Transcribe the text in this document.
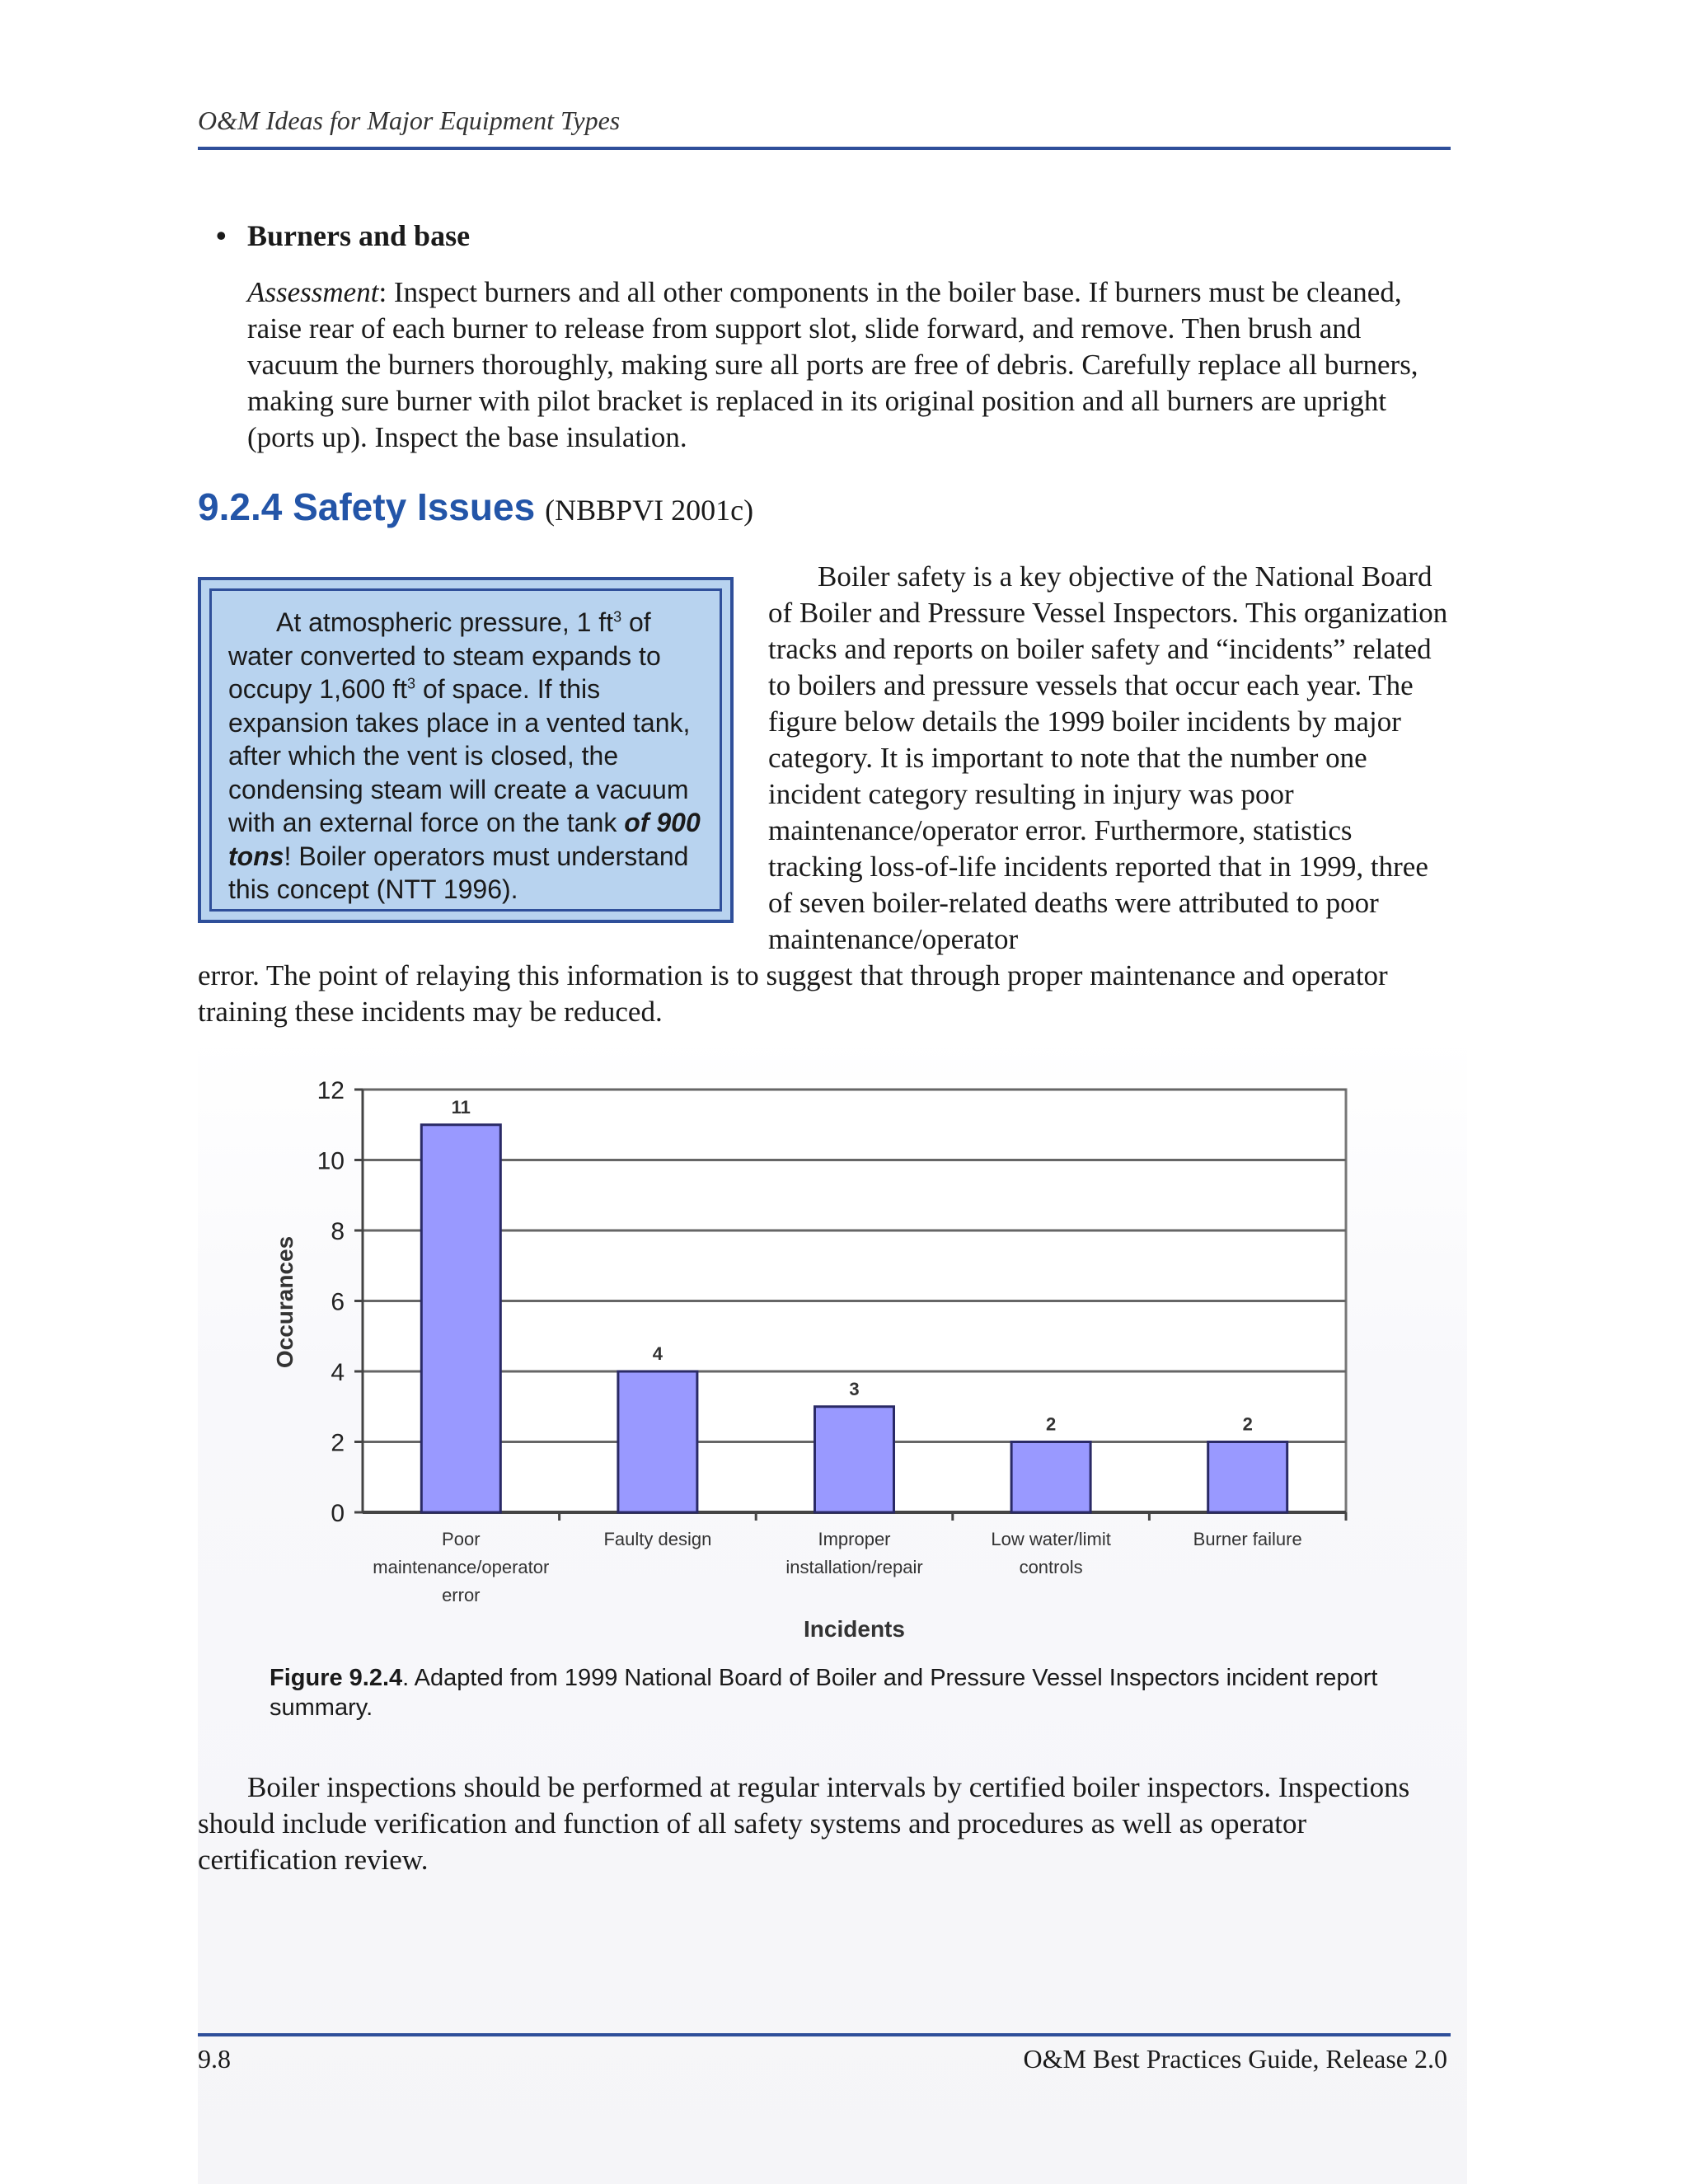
O&M Ideas for Major Equipment Types
• Burners and base
Assessment: Inspect burners and all other components in the boiler base. If burners must be cleaned, raise rear of each burner to release from support slot, slide forward, and remove. Then brush and vacuum the burners thoroughly, making sure all ports are free of debris. Carefully replace all burners, making sure burner with pilot bracket is replaced in its original position and all burners are upright (ports up). Inspect the base insulation.
9.2.4 Safety Issues (NBBPVI 2001c)
At atmospheric pressure, 1 $ft^3$ of water converted to steam expands to occupy 1,600 $ft^3$ of space. If this expansion takes place in a vented tank, after which the vent is closed, the condensing steam will create a vacuum with an external force on the tank of 900 tons! Boiler operators must understand this concept (NTT 1996).
Boiler safety is a key objective of the National Board of Boiler and Pressure Vessel Inspectors. This organization tracks and reports on boiler safety and “incidents” related to boilers and pressure vessels that occur each year. The figure below details the 1999 boiler incidents by major category. It is important to note that the number one incident category resulting in injury was poor maintenance/operator error. Furthermore, statistics tracking loss-of-life incidents reported that in 1999, three of seven boiler-related deaths were attributed to poor maintenance/operator
error. The point of relaying this information is to suggest that through proper maintenance and operator training these incidents may be reduced.
0
2
4
6
8
10
12
11
Poor
maintenance/operator
error
4
Faulty design
3
Improper
installation/repair
2
Low water/limit
controls
2
Burner failure
Incidents
Occurances
Figure 9.2.4. Adapted from 1999 National Board of Boiler and Pressure Vessel Inspectors incident report summary.
Boiler inspections should be performed at regular intervals by certified boiler inspectors. Inspections should include verification and function of all safety systems and procedures as well as operator certification review.
9.8	O&M Best Practices Guide, Release 2.0
